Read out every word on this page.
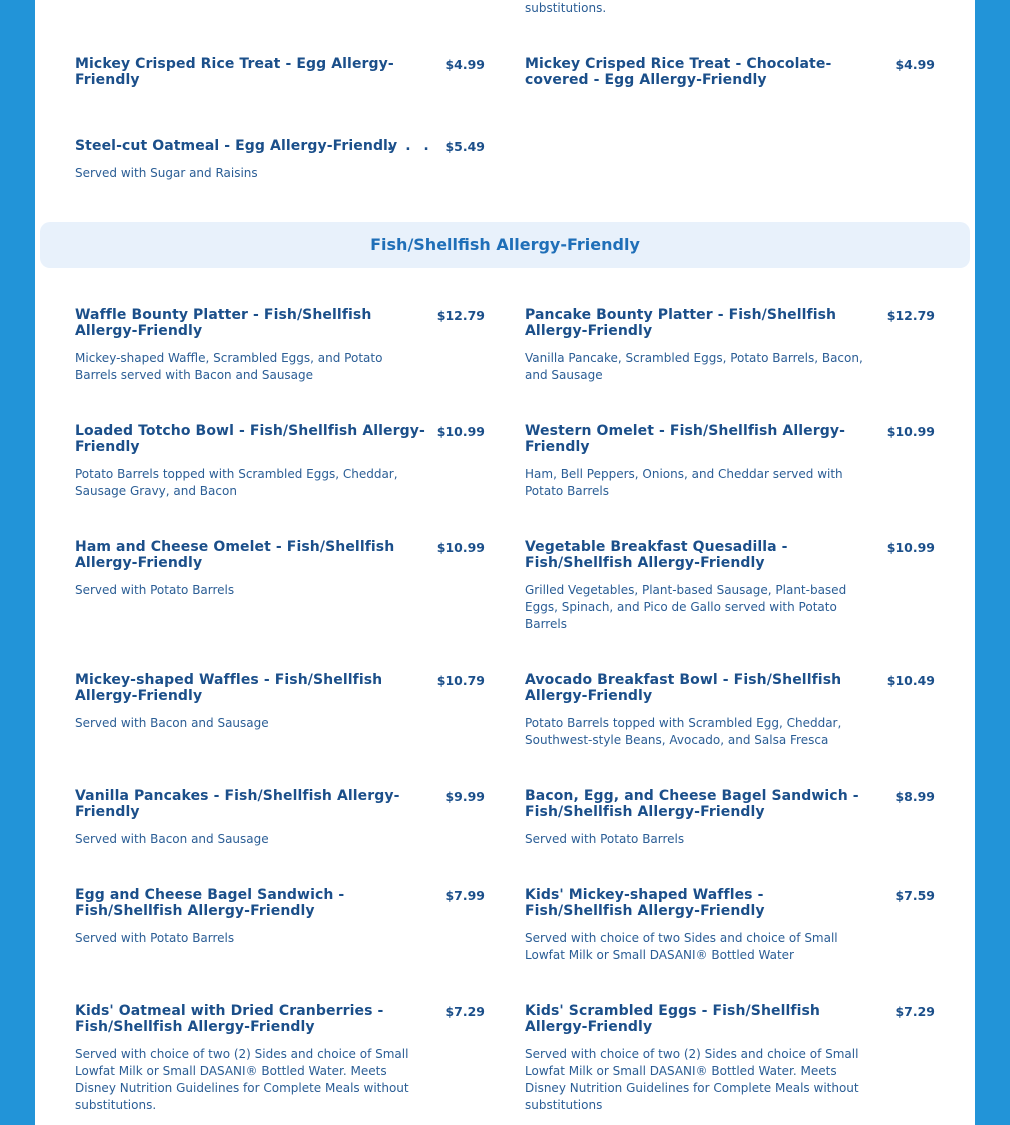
substitutions.
Mickey Crisped Rice Treat - Egg Allergy-Friendly
$4.99	Mickey Crisped Rice Treat - Chocolate-covered - Egg Allergy-Friendly
$4.99
Steel-cut Oatmeal - Egg Allergy-Friendly
. . . $5.49
Served with Sugar and Raisins
Fish/Shellfish Allergy-Friendly
Waffle Bounty Platter - Fish/Shellfish Allergy-Friendly
$12.79
Mickey-shaped Waffle, Scrambled Eggs, and Potato Barrels served with Bacon and Sausage
Pancake Bounty Platter - Fish/Shellfish Allergy-Friendly
$12.79
Vanilla Pancake, Scrambled Eggs, Potato Barrels, Bacon, and Sausage
Loaded Totcho Bowl - Fish/Shellfish Allergy-Friendly
$10.99
Potato Barrels topped with Scrambled Eggs, Cheddar, Sausage Gravy, and Bacon
Western Omelet - Fish/Shellfish Allergy-Friendly
$10.99
Ham, Bell Peppers, Onions, and Cheddar served with Potato Barrels
Ham and Cheese Omelet - Fish/Shellfish Allergy-Friendly
$10.99
Served with Potato Barrels
Vegetable Breakfast Quesadilla - Fish/Shellfish Allergy-Friendly
$10.99
Grilled Vegetables, Plant-based Sausage, Plant-based Eggs, Spinach, and Pico de Gallo served with Potato Barrels
Mickey-shaped Waffles - Fish/Shellfish Allergy-Friendly
$10.79
Served with Bacon and Sausage
Avocado Breakfast Bowl - Fish/Shellfish Allergy-Friendly
$10.49
Potato Barrels topped with Scrambled Egg, Cheddar, Southwest-style Beans, Avocado, and Salsa Fresca
Vanilla Pancakes - Fish/Shellfish Allergy-Friendly
$9.99
Served with Bacon and Sausage
Bacon, Egg, and Cheese Bagel Sandwich - Fish/Shellfish Allergy-Friendly
$8.99
Served with Potato Barrels
Egg and Cheese Bagel Sandwich - Fish/Shellfish Allergy-Friendly
$7.99
Served with Potato Barrels
Kids' Mickey-shaped Waffles - Fish/Shellfish Allergy-Friendly
$7.59
Served with choice of two Sides and choice of Small Lowfat Milk or Small DASANI® Bottled Water
Kids' Oatmeal with Dried Cranberries - Fish/Shellfish Allergy-Friendly
$7.29
Served with choice of two (2) Sides and choice of Small Lowfat Milk or Small DASANI® Bottled Water. Meets Disney Nutrition Guidelines for Complete Meals without substitutions.
Kids' Scrambled Eggs - Fish/Shellfish Allergy-Friendly
$7.29
Served with choice of two (2) Sides and choice of Small Lowfat Milk or Small DASANI® Bottled Water. Meets Disney Nutrition Guidelines for Complete Meals without substitutions
